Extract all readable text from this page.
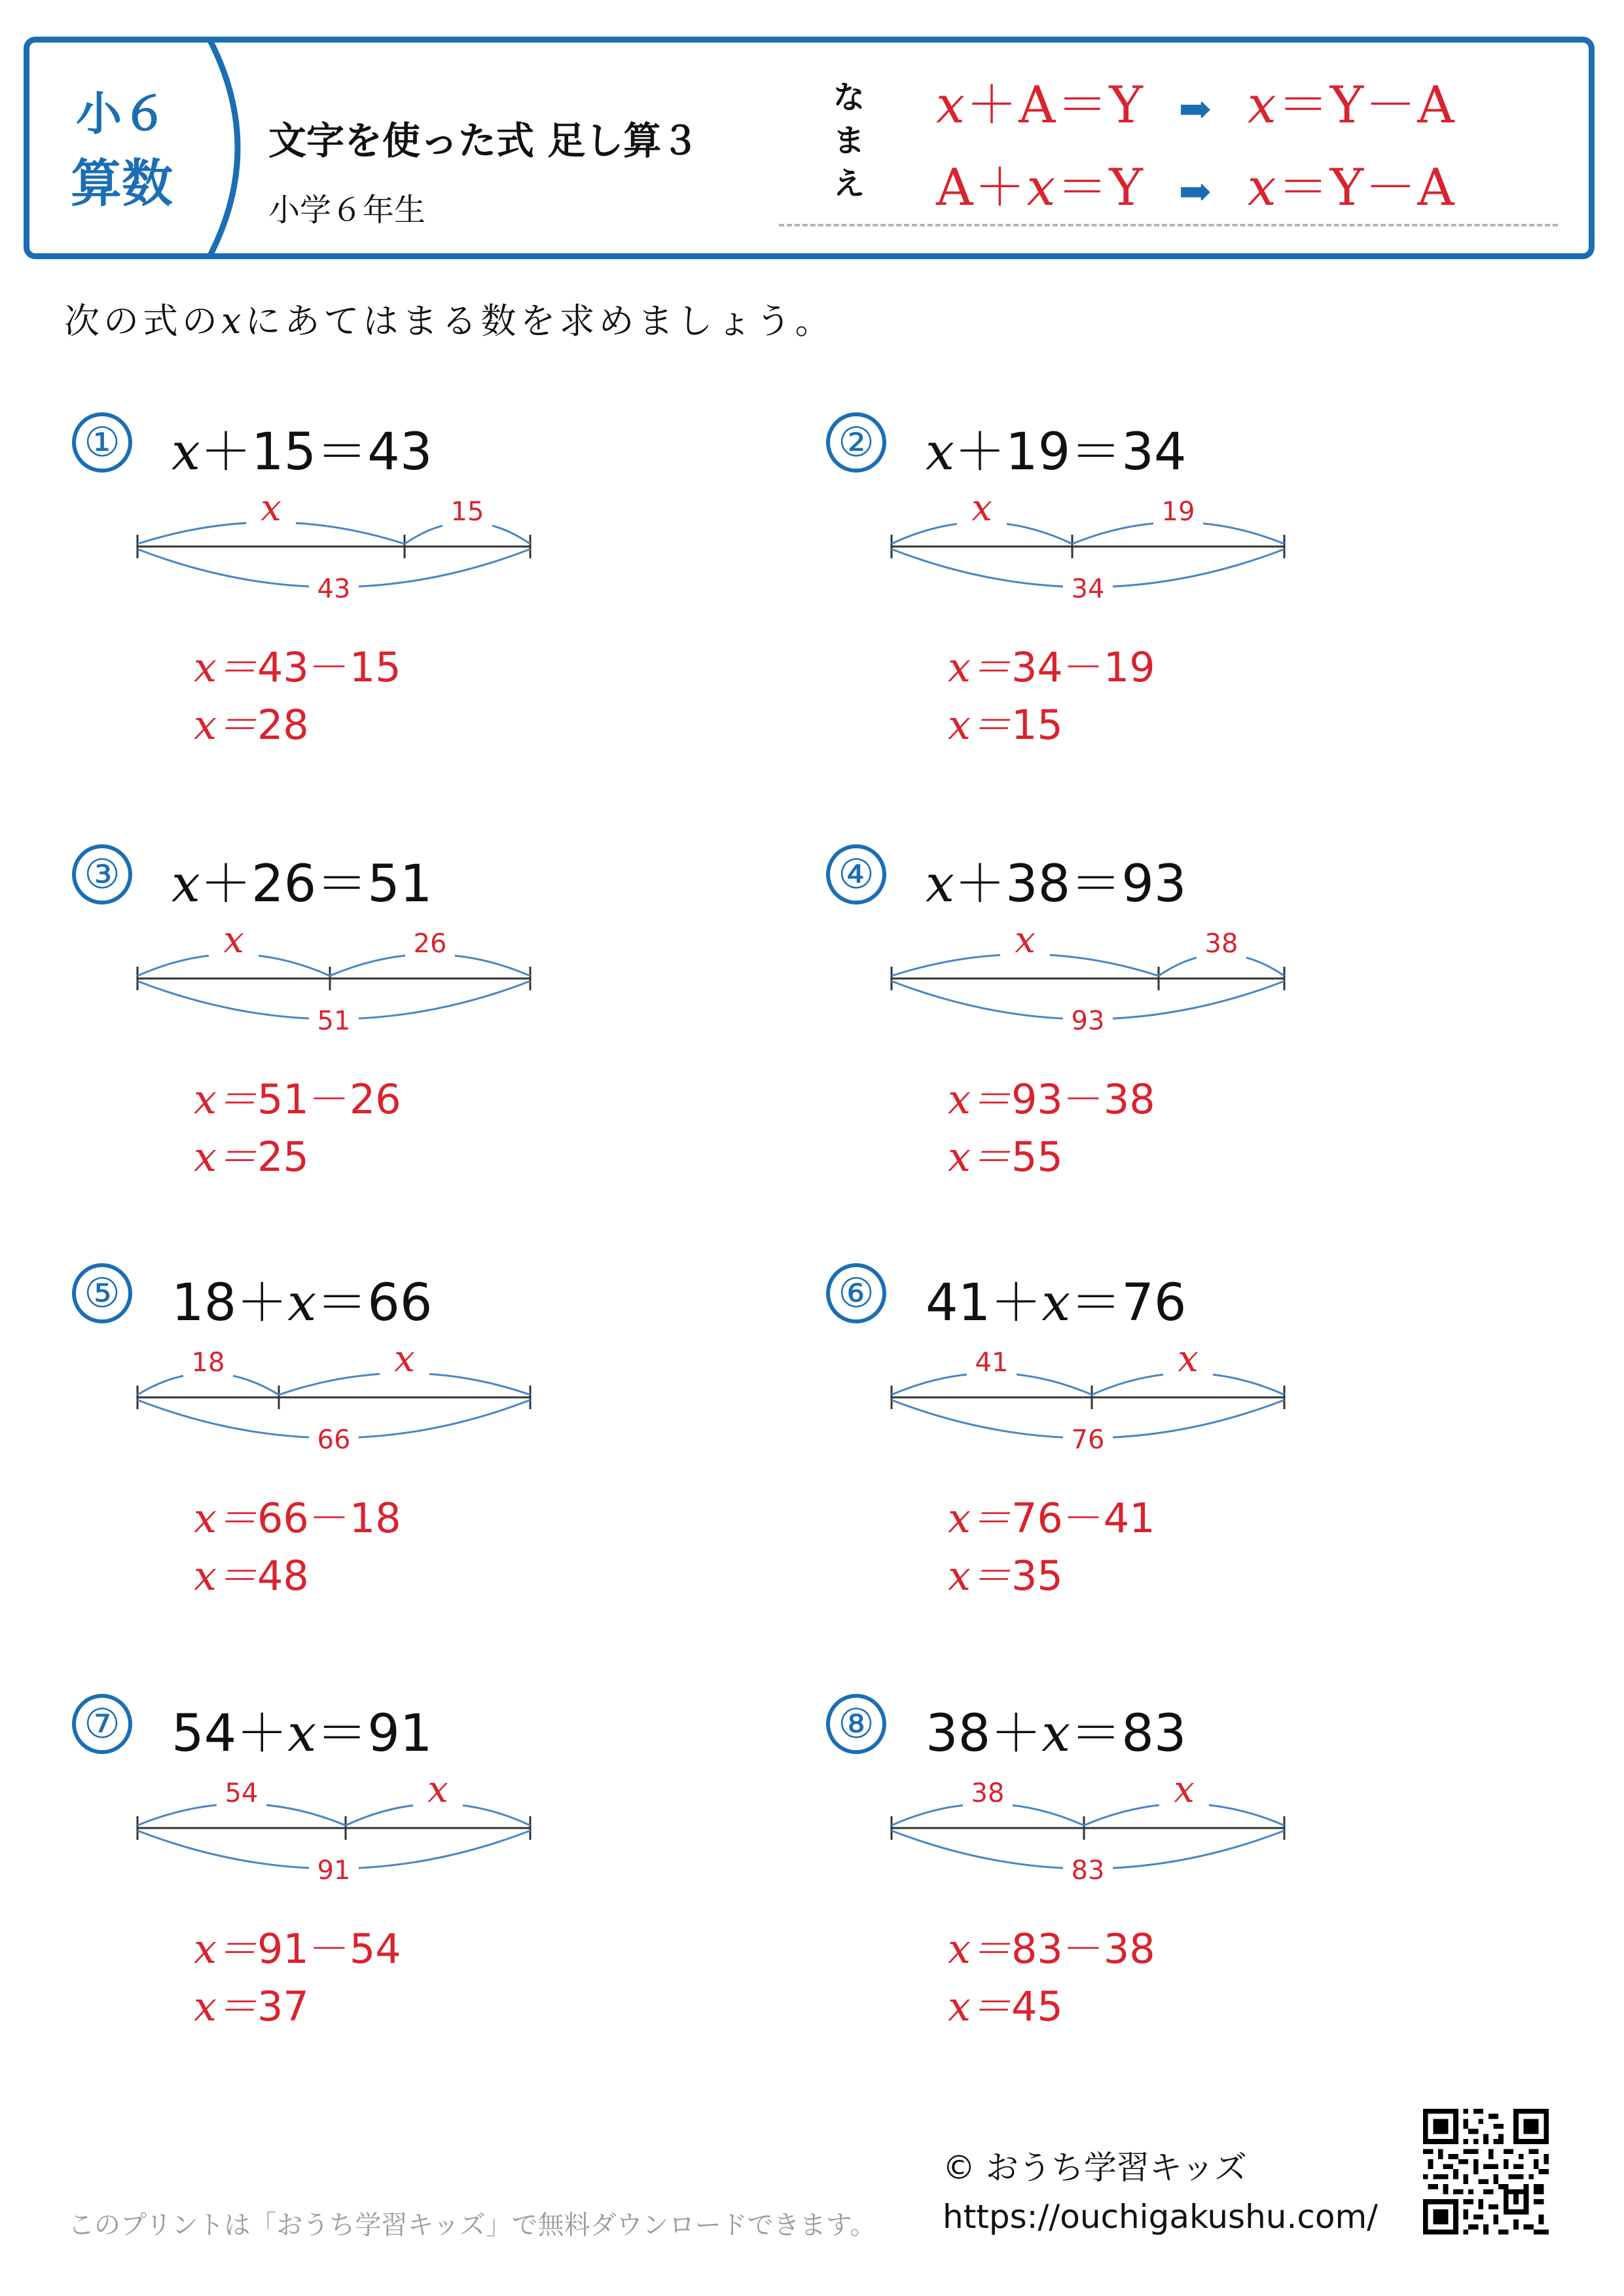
小６
算数
文字を使った式 足し算３
小学６年生
な
ま
え
𝑥＋A＝Y ➡ 𝑥＝Y－A
A＋𝑥＝Y ➡ 𝑥＝Y－A
次の式の𝑥にあてはまる数を求めましょう。
① x＋15＝43
x	15
43
𝑥＝43－15
𝑥＝28
② x＋19＝34
x	19
34
𝑥＝34－19
𝑥＝15
③ x＋26＝51
x	26
51
𝑥＝51－26
𝑥＝25
④ x＋38＝93
x	38
93
𝑥＝93－38
𝑥＝55
⑤ 18＋x＝66
18	x
66
𝑥＝66－18
𝑥＝48
⑥ 41＋x＝76
41	x
76
𝑥＝76－41
𝑥＝35
⑦ 54＋x＝91
54	x
91
𝑥＝91－54
𝑥＝37
⑧ 38＋x＝83
38	x
83
𝑥＝83－38
𝑥＝45
このプリントは「おうち学習キッズ」で無料ダウンロードできます。
© おうち学習キッズ
https://ouchigakushu.com/
